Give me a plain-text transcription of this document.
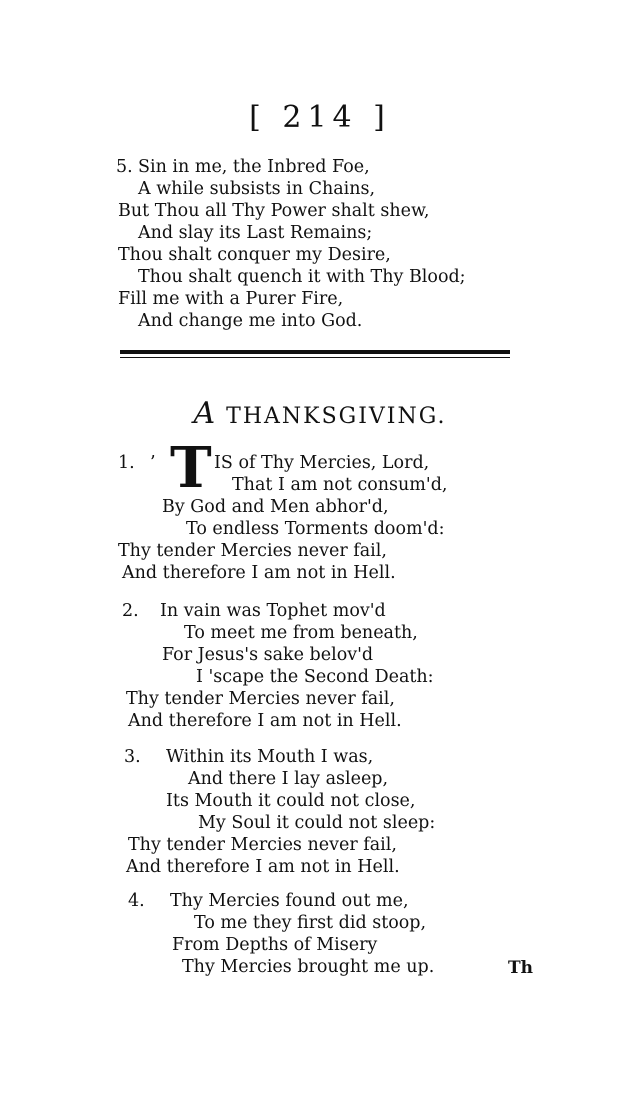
[ 214 ]
5. Sin in me, the Inbred Foe,
A while subsists in Chains,
But Thou all Thy Power shalt shew,
And slay its Last Remains;
Thou shalt conquer my Desire,
Thou shalt quench it with Thy Blood;
Fill me with a Purer Fire,
And change me into God.
A THANKSGIVING.
1. ’ T IS of Thy Mercies, Lord,
That I am not consum'd,
By God and Men abhor'd,
To endless Torments doom'd:
Thy tender Mercies never fail,
And therefore I am not in Hell.
2. In vain was Tophet mov'd
To meet me from beneath,
For Jesus's sake belov'd
I 'scape the Second Death:
Thy tender Mercies never fail,
And therefore I am not in Hell.
3. Within its Mouth I was,
And there I lay asleep,
Its Mouth it could not close,
My Soul it could not sleep:
Thy tender Mercies never fail,
And therefore I am not in Hell.
4. Thy Mercies found out me,
To me they first did stoop,
From Depths of Misery
Thy Mercies brought me up.	Th
